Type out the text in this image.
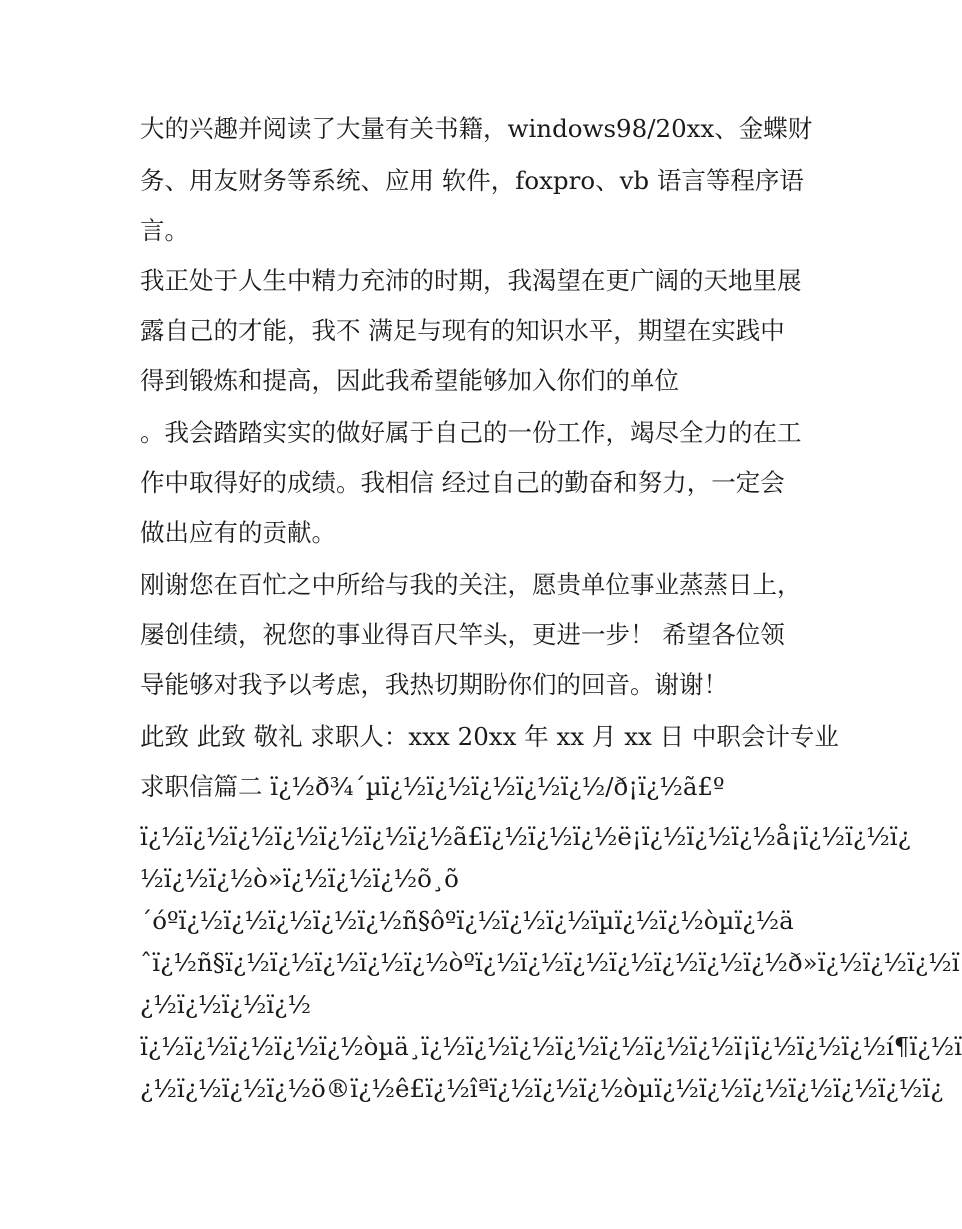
大的兴趣并阅读了大量有关书籍，windows98/20xx、金蝶财
务、用友财务等系统、应用 软件，foxpro、vb 语言等程序语
言。
我正处于人生中精力充沛的时期，我渴望在更广阔的天地里展
露自己的才能，我不 满足与现有的知识水平，期望在实践中
得到锻炼和提高，因此我希望能够加入你们的单位
。我会踏踏实实的做好属于自己的一份工作，竭尽全力的在工
作中取得好的成绩。我相信 经过自己的勤奋和努力，一定会
做出应有的贡献。
刚谢您在百忙之中所给与我的关注，愿贵单位事业蒸蒸日上，
屡创佳绩，祝您的事业得百尺竿头，更进一步！ 希望各位领
导能够对我予以考虑，我热切期盼你们的回音。谢谢！
此致 此致 敬礼 求职人：xxx 20xx 年 xx 月 xx 日 中职会计专业
求职信篇二 ï¿½ð¾´µï¿½ï¿½ï¿½ï¿½ï¿½/ð¡ï¿½ã£º
ï¿½ï¿½ï¿½ï¿½ï¿½ï¿½ï¿½ã£ï¿½ï¿½ï¿½ë¡ï¿½ï¿½ï¿½å¡ï¿½ï¿½ï¿
½ï¿½ï¿½ò»ï¿½ï¿½ï¿½õ¸õ
´óºï¿½ï¿½ï¿½ï¿½ï¿½ñ§ôºï¿½ï¿½ï¿½ïµï¿½ï¿½òµï¿½ä
ˆï¿½ñ§ï¿½ï¿½ï¿½ï¿½ï¿½òºï¿½ï¿½ï¿½ï¿½ï¿½ï¿½ï¿½ð»ï¿½ï¿½ï¿½ï
¿½ï¿½ï¿½ï¿½
ï¿½ï¿½ï¿½ï¿½ï¿½òµä¸ï¿½ï¿½ï¿½ï¿½ï¿½ï¿½ï¿½ï¡ï¿½ï¿½ï¿½í¶ï¿½ï
¿½ï¿½ï¿½ï¿½ö®ï¿½ê£ï¿½îªï¿½ï¿½ï¿½òµï¿½ï¿½ï¿½ï¿½ï¿½ï¿½ï¿
